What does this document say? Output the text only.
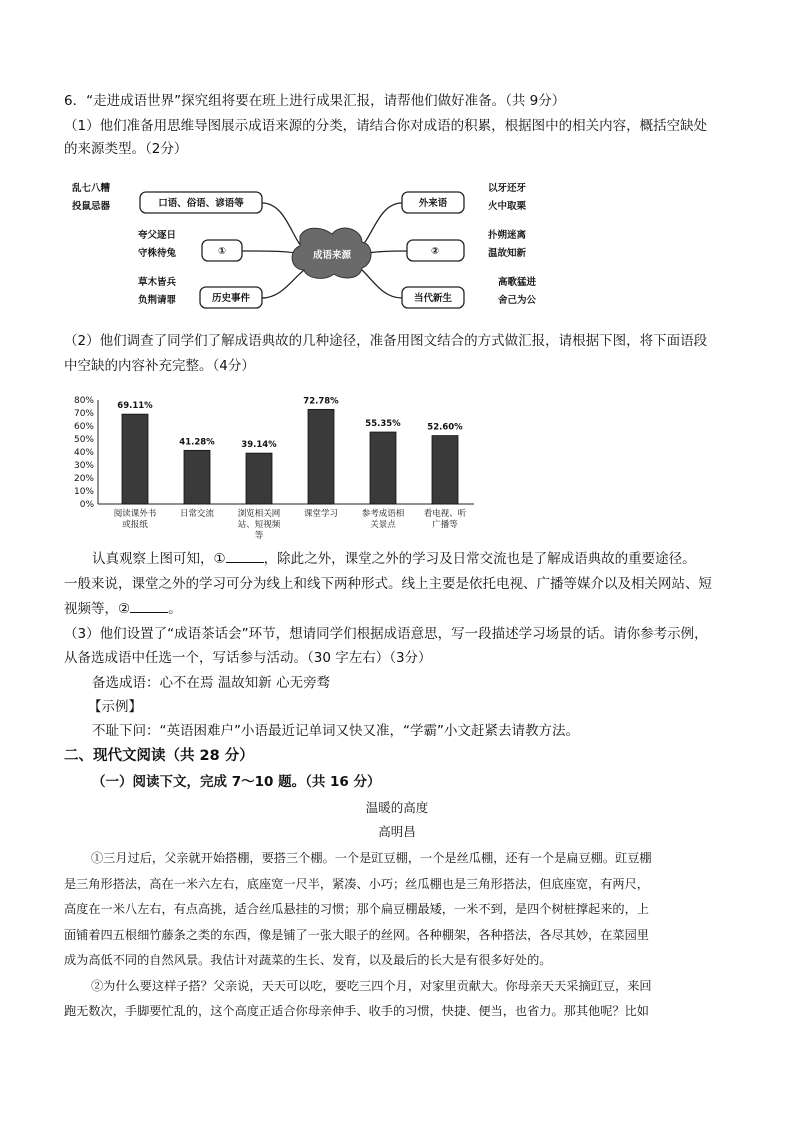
6．“走进成语世界”探究组将要在班上进行成果汇报，请帮他们做好准备。（共 9分）
（1）他们准备用思维导图展示成语来源的分类，请结合你对成语的积累，根据图中的相关内容，概括空缺处
的来源类型。（2分）
成语来源
口语、俗语、谚语等
①
历史事件
乱七八糟
投鼠忌器
夸父逐日
守株待兔
草木皆兵
负荆请罪
外来语
②
当代新生
以牙还牙
火中取栗
扑朔迷离
温故知新
高歌猛进
舍己为公
（2）他们调查了同学们了解成语典故的几种途径，准备用图文结合的方式做汇报，请根据下图，将下面语段
中空缺的内容补充完整。（4分）
0%
10%
20%
30%
40%
50%
60%
70%
80%
69.11%
阅读课外书
或报纸
41.28%
日常交流
39.14%
浏览相关网
站、短视频
等
72.78%
课堂学习
55.35%
参考成语相
关景点
52.60%
看电视、听
广播等
认真观察上图可知，①	，除此之外，课堂之外的学习及日常交流也是了解成语典故的重要途径。
一般来说，课堂之外的学习可分为线上和线下两种形式。线上主要是依托电视、广播等媒介以及相关网站、短
视频等，②	。
（3）他们设置了“成语茶话会”环节，想请同学们根据成语意思，写一段描述学习场景的话。请你参考示例，
从备选成语中任选一个，写话参与活动。（30 字左右）（3分）
备选成语：心不在焉 温故知新 心无旁骛
【示例】
不耻下问：“英语困难户”小语最近记单词又快又准，“学霸”小文赶紧去请教方法。
二、现代文阅读（共 28 分）
（一）阅读下文，完成 7～10 题。（共 16 分）
温暖的高度
高明昌
①三月过后，父亲就开始搭棚，要搭三个棚。一个是豇豆棚，一个是丝瓜棚，还有一个是扁豆棚。豇豆棚
是三角形搭法，高在一米六左右，底座宽一尺半，紧凑、小巧；丝瓜棚也是三角形搭法，但底座宽，有两尺，
高度在一米八左右，有点高挑，适合丝瓜悬挂的习惯；那个扁豆棚最矮，一米不到，是四个树桩撑起来的，上
面铺着四五根细竹藤条之类的东西，像是铺了一张大眼子的丝网。各种棚架，各种搭法，各尽其妙，在菜园里
成为高低不同的自然风景。我估计对蔬菜的生长、发育，以及最后的长大是有很多好处的。
②为什么要这样子搭？父亲说，天天可以吃，要吃三四个月，对家里贡献大。你母亲天天采摘豇豆，来回
跑无数次，手脚要忙乱的，这个高度正适合你母亲伸手、收手的习惯，快捷、便当，也省力。那其他呢？比如
